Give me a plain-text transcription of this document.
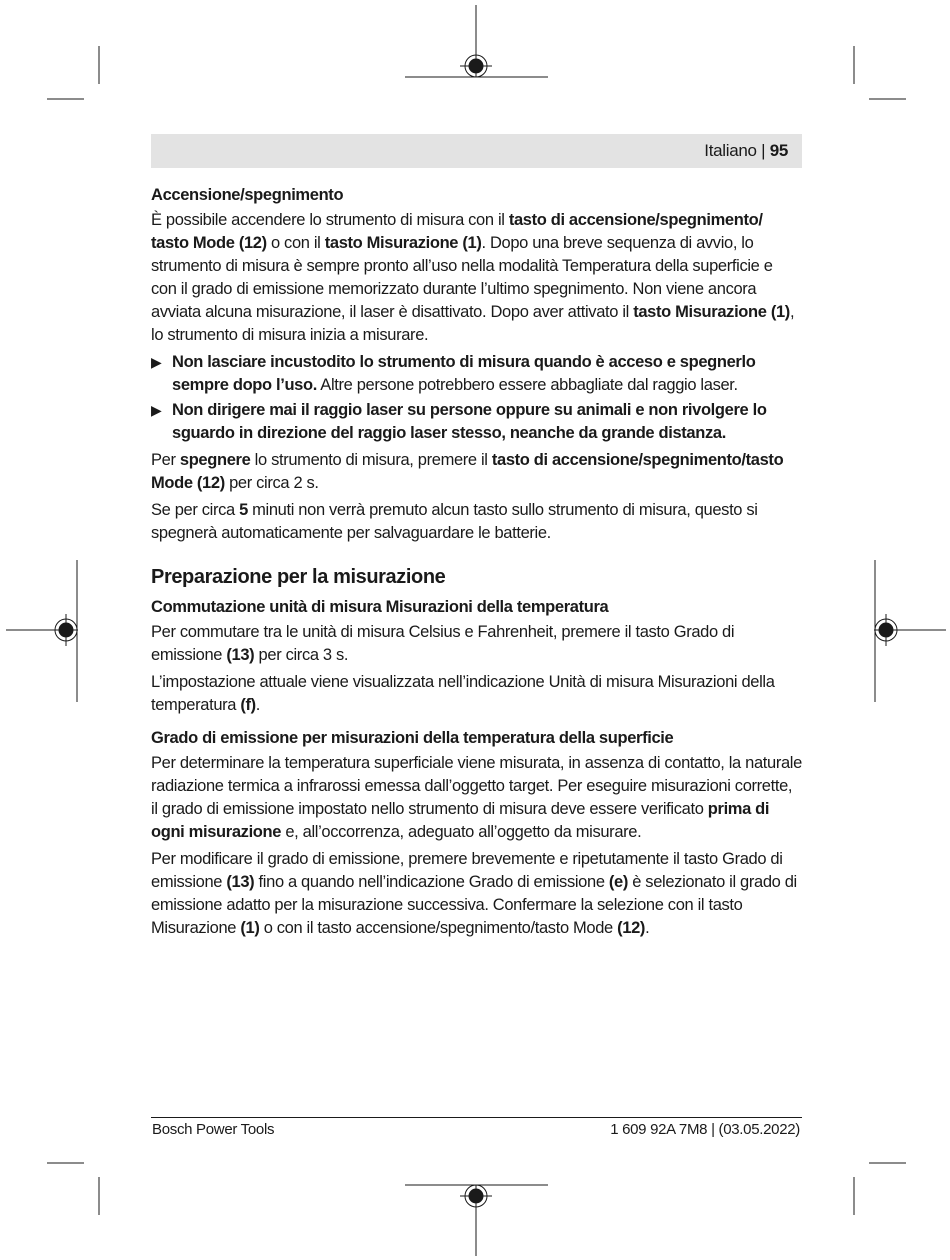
Italiano | 95
Accensione/spegnimento

È possibile accendere lo strumento di misura con il tasto di accensione/spegnimento/ tasto Mode (12) o con il tasto Misurazione (1). Dopo una breve sequenza di avvio, lo strumento di misura è sempre pronto all’uso nella modalità Temperatura della superficie e con il grado di emissione memorizzato durante l’ultimo spegnimento. Non viene ancora avviata alcuna misurazione, il laser è disattivato. Dopo aver attivato il tasto Misurazione (1), lo strumento di misura inizia a misurare.

▶ Non lasciare incustodito lo strumento di misura quando è acceso e spegnerlo sempre dopo l’uso. Altre persone potrebbero essere abbagliate dal raggio laser.
▶ Non dirigere mai il raggio laser su persone oppure su animali e non rivolgere lo sguardo in direzione del raggio laser stesso, neanche da grande distanza.

Per spegnere lo strumento di misura, premere il tasto di accensione/spegnimento/tasto Mode (12) per circa 2 s.

Se per circa 5 minuti non verrà premuto alcun tasto sullo strumento di misura, questo si spegnerà automaticamente per salvaguardare le batterie.

Preparazione per la misurazione
Commutazione unità di misura Misurazioni della temperatura

Per commutare tra le unità di misura Celsius e Fahrenheit, premere il tasto Grado di emissione (13) per circa 3 s.

L’impostazione attuale viene visualizzata nell’indicazione Unità di misura Misurazioni della temperatura (f).

Grado di emissione per misurazioni della temperatura della superficie

Per determinare la temperatura superficiale viene misurata, in assenza di contatto, la naturale radiazione termica a infrarossi emessa dall’oggetto target. Per eseguire misurazioni corrette, il grado di emissione impostato nello strumento di misura deve essere verificato prima di ogni misurazione e, all’occorrenza, adeguato all’oggetto da misurare.

Per modificare il grado di emissione, premere brevemente e ripetutamente il tasto Grado di emissione (13) fino a quando nell’indicazione Grado di emissione (e) è selezionato il grado di emissione adatto per la misurazione successiva. Confermare la selezione con il tasto Misurazione (1) o con il tasto accensione/spegnimento/tasto Mode (12).

Bosch Power Tools	1 609 92A 7M8 | (03.05.2022)
